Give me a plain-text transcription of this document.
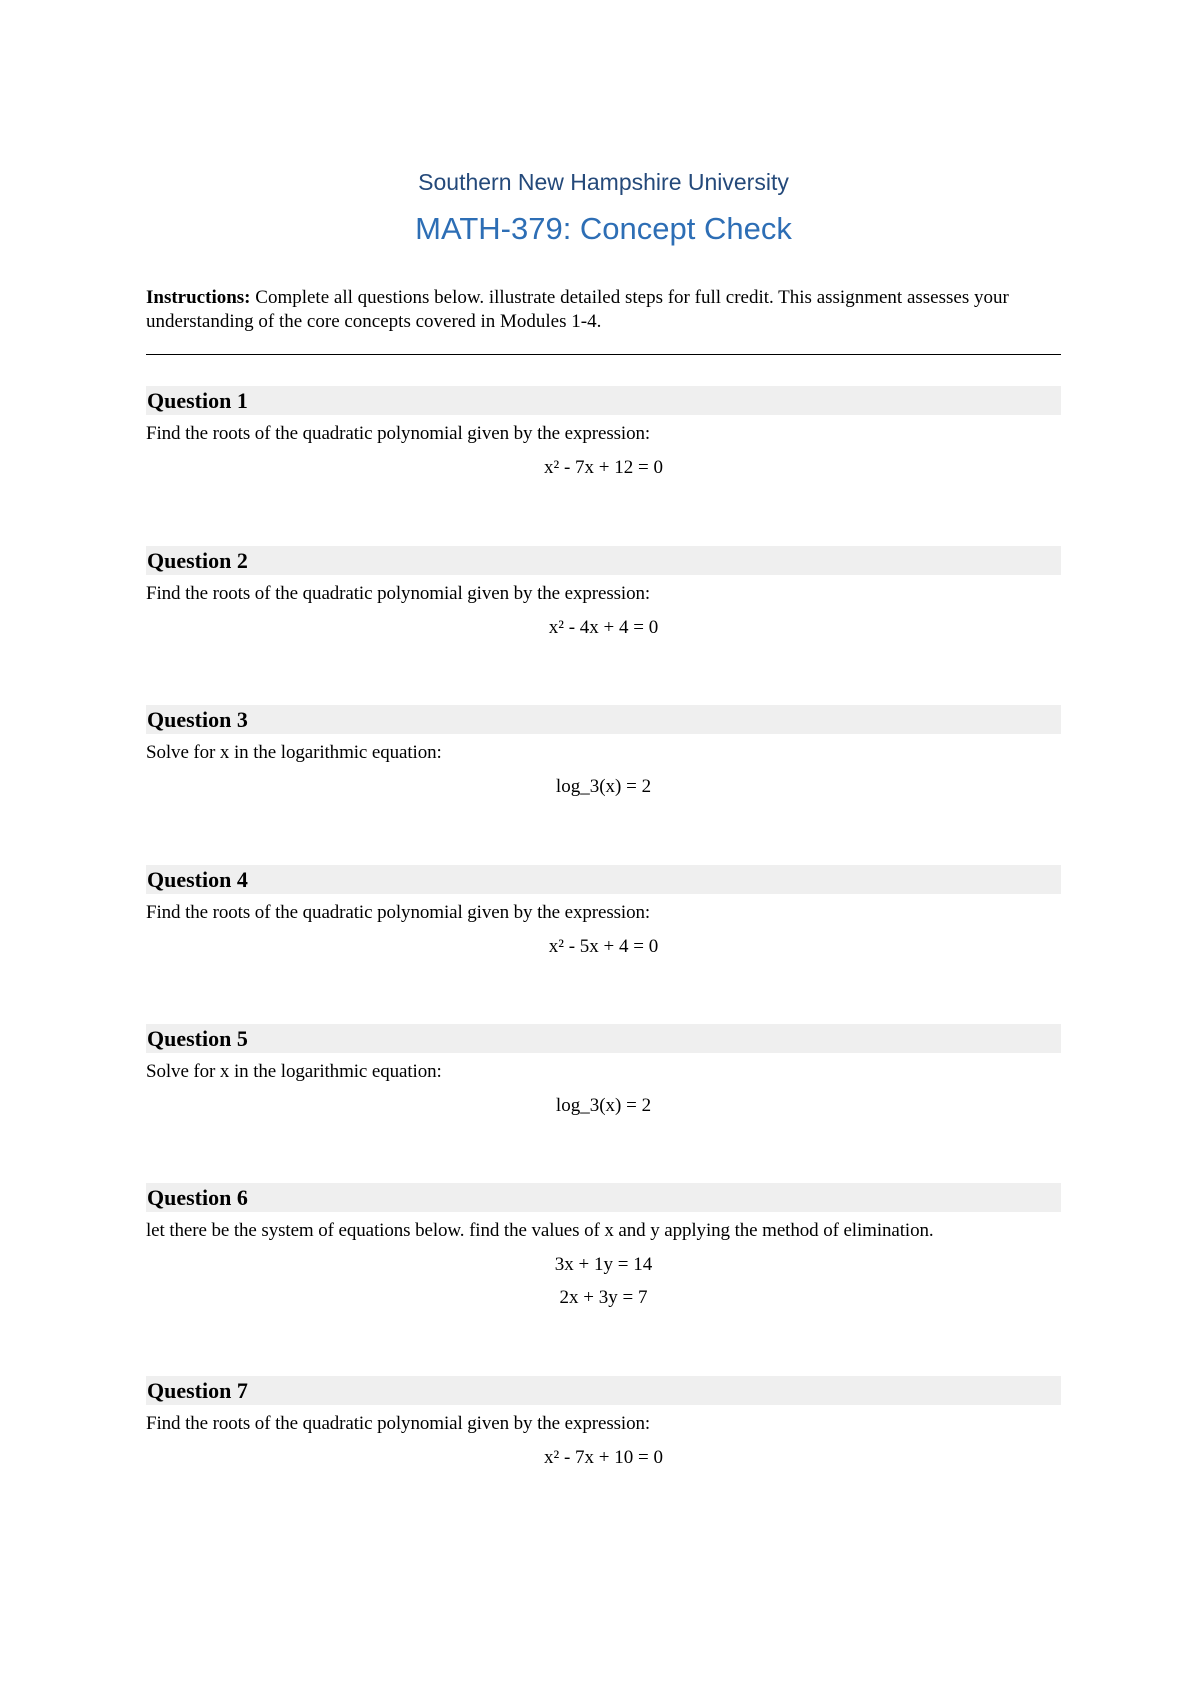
Southern New Hampshire University
MATH-379: Concept Check
Instructions: Complete all questions below. illustrate detailed steps for full credit. This assignment assesses your understanding of the core concepts covered in Modules 1-4.
Question 1
Find the roots of the quadratic polynomial given by the expression:
x² - 7x + 12 = 0
Question 2
Find the roots of the quadratic polynomial given by the expression:
x² - 4x + 4 = 0
Question 3
Solve for x in the logarithmic equation:
log_3(x) = 2
Question 4
Find the roots of the quadratic polynomial given by the expression:
x² - 5x + 4 = 0
Question 5
Solve for x in the logarithmic equation:
log_3(x) = 2
Question 6
let there be the system of equations below. find the values of x and y applying the method of elimination.
3x + 1y = 14
2x + 3y = 7
Question 7
Find the roots of the quadratic polynomial given by the expression:
x² - 7x + 10 = 0
